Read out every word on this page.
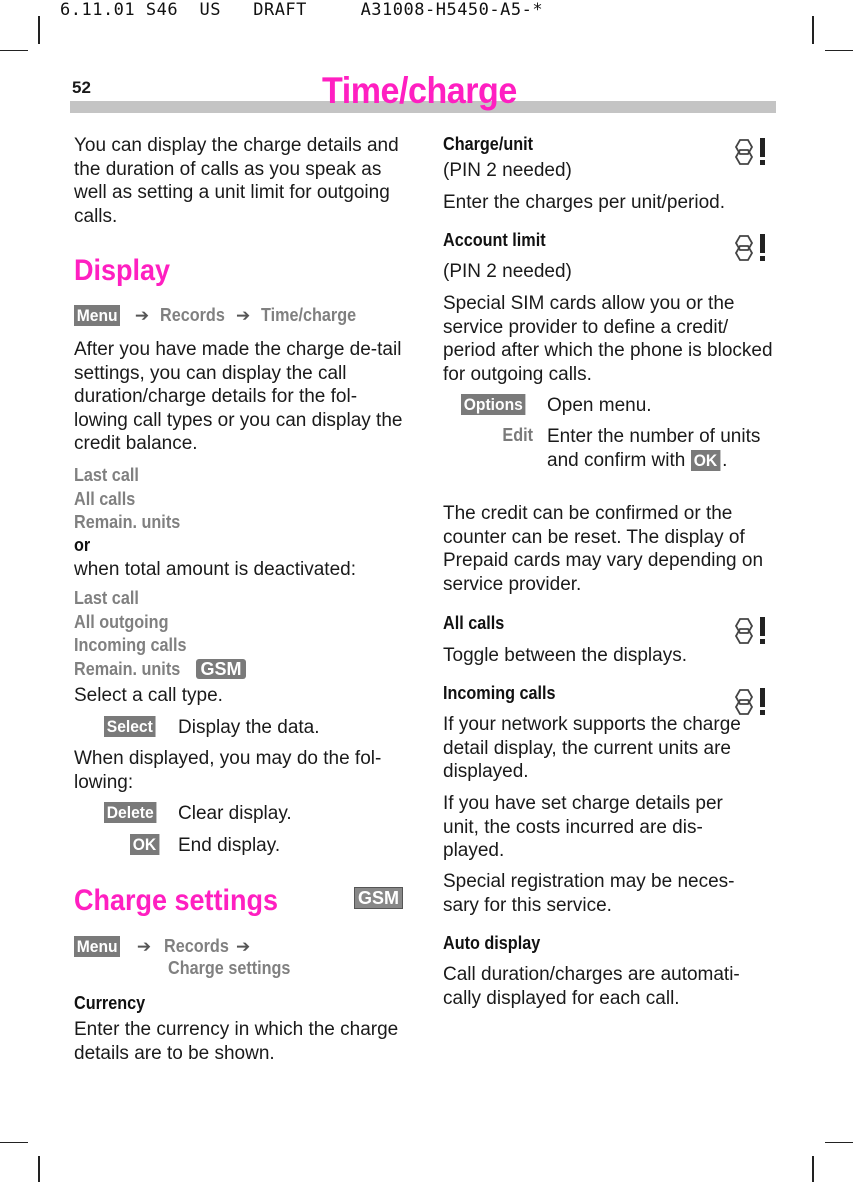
6.11.01 S46  US   DRAFT     A31008-H5450-A5-*
52	Time/charge
You can display the charge details and the duration of calls as you speak as well as setting a unit limit for outgoing calls.
Display
Menu ➔ Records ➔ Time/charge
After you have made the charge de-tail settings, you can display the call duration/charge details for the fol-lowing call types or you can display the credit balance.
Last call
All calls
Remain. units
or
when total amount is deactivated:
Last call
All outgoing
Incoming calls
Remain. units GSM
Select a call type.
Select Display the data.
When displayed, you may do the fol-lowing:
Delete Clear display.
OK End display.
Charge settings	GSM
Menu ➔ Records ➔
Charge settings
Currency
Enter the currency in which the charge details are to be shown.
Charge/unit
(PIN 2 needed)
Enter the charges per unit/period.
Account limit
(PIN 2 needed)
Special SIM cards allow you or the service provider to define a credit/ period after which the phone is blocked for outgoing calls.
Options Open menu.
Edit Enter the number of units and confirm with OK .
The credit can be confirmed or the counter can be reset. The display of Prepaid cards may vary depending on service provider.
All calls
Toggle between the displays.
Incoming calls
If your network supports the charge detail display, the current units are displayed.
If you have set charge details per unit, the costs incurred are dis-played.
Special registration may be neces-sary for this service.
Auto display
Call duration/charges are automati-cally displayed for each call.
